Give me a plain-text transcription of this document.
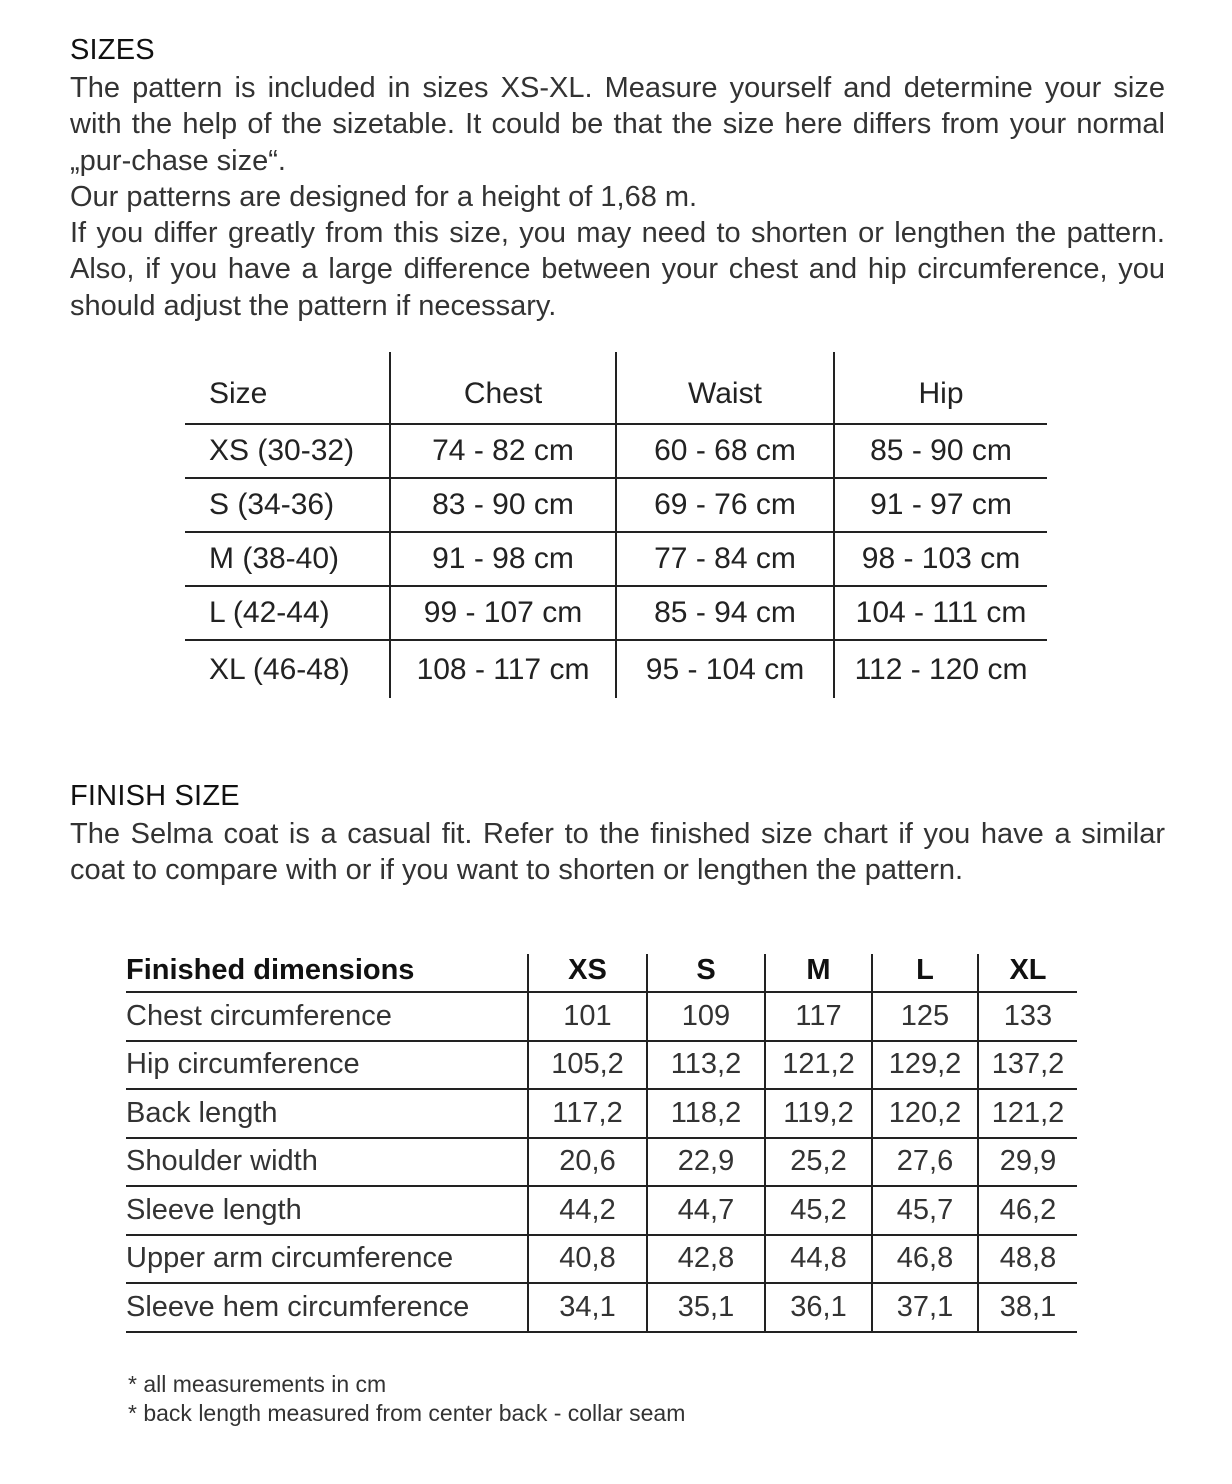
SIZES

The pattern is included in sizes XS-XL. Measure yourself and determine your size with the help of the sizetable. It could be that the size here differs from your normal „pur-chase size“.

Our patterns are designed for a height of 1,68 m.

If you differ greatly from this size, you may need to shorten or lengthen the pattern. Also, if you have a large difference between your chest and hip circumference, you should adjust the pattern if necessary.

Size	Chest	Waist	Hip
XS (30-32)	74 - 82 cm	60 - 68 cm	85 - 90 cm
S (34-36)	83 - 90 cm	69 - 76 cm	91 - 97 cm
M (38-40)	91 - 98 cm	77 - 84 cm	98 - 103 cm
L (42-44)	99 - 107 cm	85 - 94 cm	104 - 111 cm
XL (46-48)	108 - 117 cm	95 - 104 cm	112 - 120 cm
FINISH SIZE

The Selma coat is a casual fit. Refer to the finished size chart if you have a similar coat to compare with or if you want to shorten or lengthen the pattern.

Finished dimensions	XS	S	M	L	XL
Chest circumference	101	109	117	125	133
Hip circumference	105,2	113,2	121,2	129,2	137,2
Back length	117,2	118,2	119,2	120,2	121,2
Shoulder width	20,6	22,9	25,2	27,6	29,9
Sleeve length	44,2	44,7	45,2	45,7	46,2
Upper arm circumference	40,8	42,8	44,8	46,8	48,8
Sleeve hem circumference	34,1	35,1	36,1	37,1	38,1
* all measurements in cm
* back length measured from center back - collar seam
